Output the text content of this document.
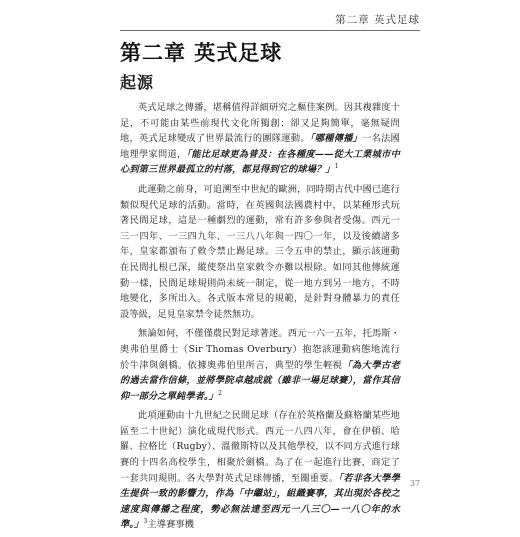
第二章 英式足球
第二章 英式足球
起源

英式足球之傳播，堪稱值得詳細研究之樞佳案例。因其複雜度十足，不可能由某些前現代文化所獨創；卻又足夠簡單，毫無疑問地，英式足球變成了世界最流行的團隊運動。「哪種傳播」一名法國地理學家問道，「能比足球更為普及：在各種度——從大工業城市中心到第三世界最孤立的村落，都見得到它的球場？」$^1$

此運動之前身，可追溯至中世紀的歐洲，同時期古代中國已進行類似現代足球的活動。當時，在英國與法國農村中，以某種形式玩著民間足球，這是一種劇烈的運動，常有許多參與者受傷。西元一三一四年、一三四九年、一三八八年與一四〇一年，以及後續諸多年，皇家都頒布了敕令禁止踢足球。三令五申的禁止，顯示該運動在民間扎根已深，縱使祭出皇家敕令亦難以根除。如同其他傳統運動一樣，民間足球規則尚未統一制定，從一地方到另一地方，不時地變化，多所出入。各式版本常見的規範，是針對身體暴力的責任設等級，足見皇家禁令徒然無功。

無論如何，不僅僅農民對足球著迷。西元一六一五年，托馬斯・奧弗伯里爵士（Sir Thomas Overbury）抱怨該運動病態地流行於牛津與劍橋。依據奧弗伯里所言，典型的學生輕視「為大學古老的過去當作信條，並將學院卓越成就（雖非一場足球賽），當作其信仰一部分之單純學者。」$^2$

此項運動由十九世紀之民間足球（存在於英格蘭及蘇格蘭某些地區至二十世紀）演化成現代形式。西元一八四八年，會在伊頓、哈羅、拉格比（Rugby）、溫徹斯特以及其他學校，以不同方式進行球賽的十四名高校學生，相聚於劍橋。為了在一起進行比賽，商定了一套共同規則。各大學對英式足球傳播，至關重要。「若非各大學學生提供一致的影響力，作為「中繼站」，組織賽事，其出現於各校之速度與傳播之程度，勢必無法達至西元一八三〇—一八〇年的水準。」$^3$主導賽事機

37
